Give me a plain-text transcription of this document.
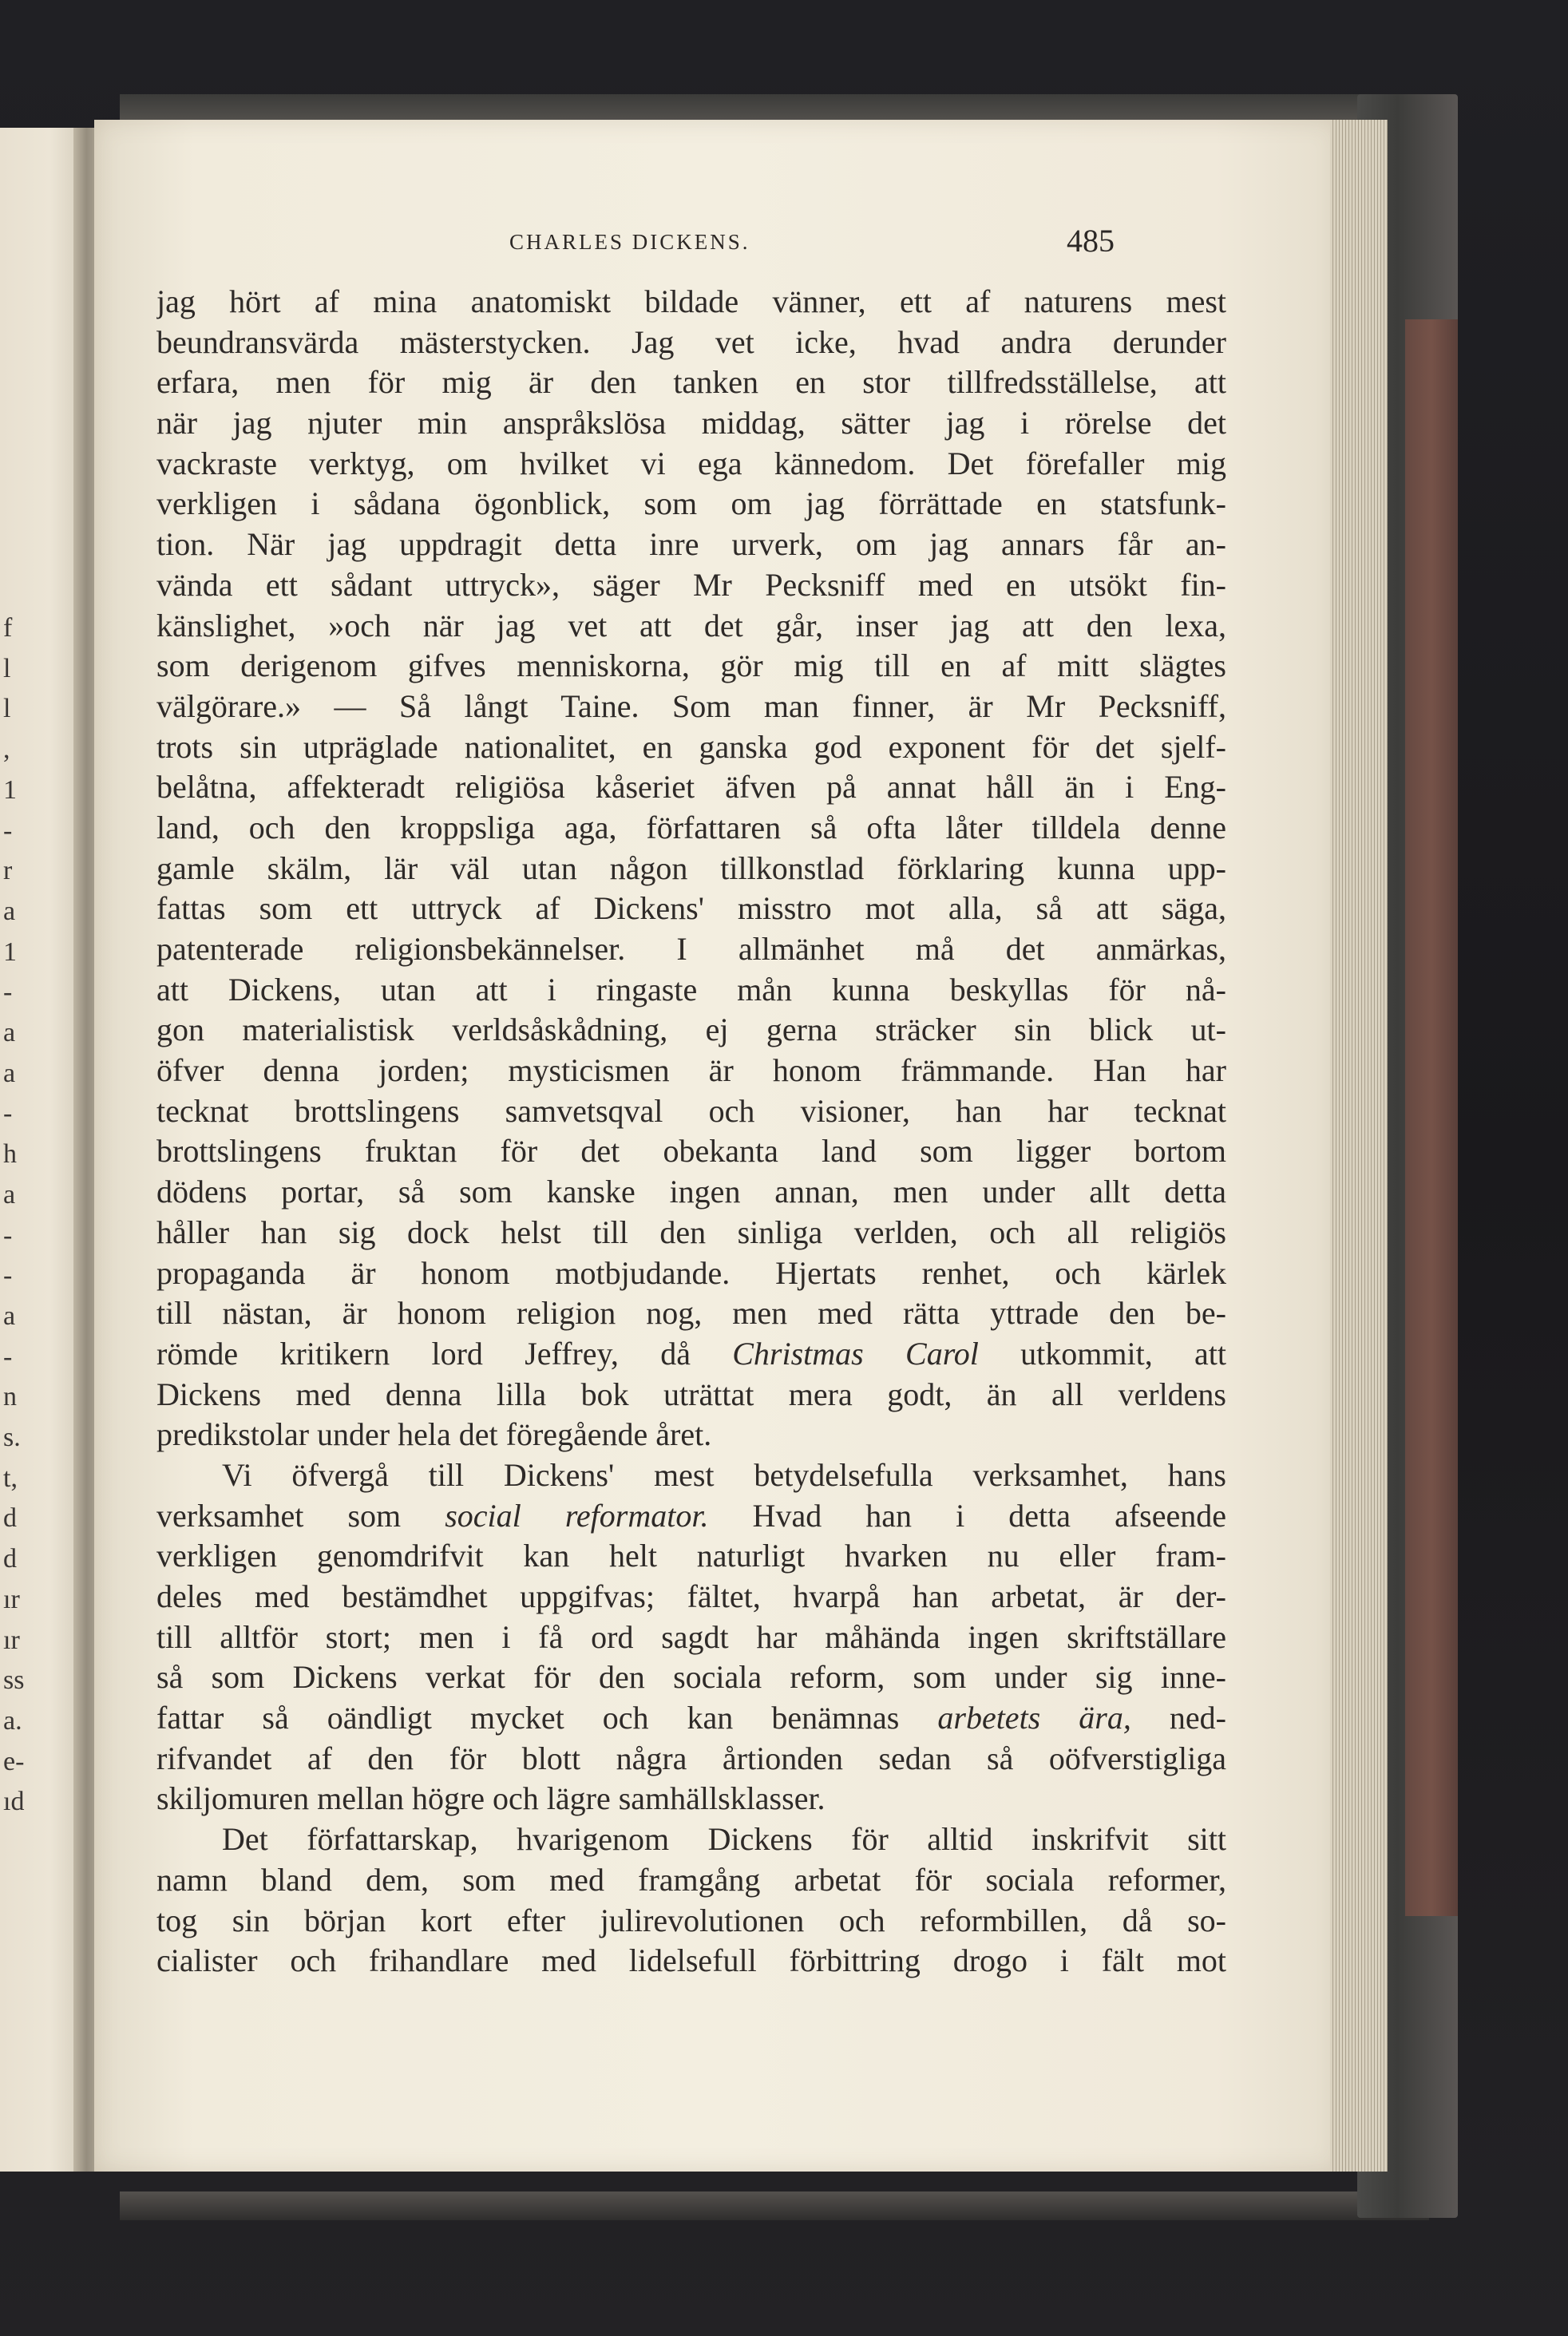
f
l
l
,
1
-
r
a
1
-
a
a
-
h
a
-
-
a
-
n
s.
t,
d
d
ır
ır
ss
a.
e-
ıd
CHARLES DICKENS.	485
jag hört af mina anatomiskt bildade vänner, ett af naturens mest
beundransvärda mästerstycken. Jag vet icke, hvad andra derunder
erfara, men för mig är den tanken en stor tillfredsställelse, att
när jag njuter min anspråkslösa middag, sätter jag i rörelse det
vackraste verktyg, om hvilket vi ega kännedom. Det förefaller mig
verkligen i sådana ögonblick, som om jag förrättade en statsfunk-
tion. När jag uppdragit detta inre urverk, om jag annars får an-
vända ett sådant uttryck», säger Mr Pecksniff med en utsökt fin-
känslighet, »och när jag vet att det går, inser jag att den lexa,
som derigenom gifves menniskorna, gör mig till en af mitt slägtes
välgörare.» — Så långt Taine. Som man finner, är Mr Pecksniff,
trots sin utpräglade nationalitet, en ganska god exponent för det sjelf-
belåtna, affekteradt religiösa kåseriet äfven på annat håll än i Eng-
land, och den kroppsliga aga, författaren så ofta låter tilldela denne
gamle skälm, lär väl utan någon tillkonstlad förklaring kunna upp-
fattas som ett uttryck af Dickens' misstro mot alla, så att säga,
patenterade religionsbekännelser. I allmänhet må det anmärkas,
att Dickens, utan att i ringaste mån kunna beskyllas för nå-
gon materialistisk verldsåskådning, ej gerna sträcker sin blick ut-
öfver denna jorden; mysticismen är honom främmande. Han har
tecknat brottslingens samvetsqval och visioner, han har tecknat
brottslingens fruktan för det obekanta land som ligger bortom
dödens portar, så som kanske ingen annan, men under allt detta
håller han sig dock helst till den sinliga verlden, och all religiös
propaganda är honom motbjudande. Hjertats renhet, och kärlek
till nästan, är honom religion nog, men med rätta yttrade den be-
römde kritikern lord Jeffrey, då Christmas Carol utkommit, att
Dickens med denna lilla bok uträttat mera godt, än all verldens
predikstolar under hela det föregående året.
Vi öfvergå till Dickens' mest betydelsefulla verksamhet, hans
verksamhet som social reformator. Hvad han i detta afseende
verkligen genomdrifvit kan helt naturligt hvarken nu eller fram-
deles med bestämdhet uppgifvas; fältet, hvarpå han arbetat, är der-
till alltför stort; men i få ord sagdt har måhända ingen skriftställare
så som Dickens verkat för den sociala reform, som under sig inne-
fattar så oändligt mycket och kan benämnas arbetets ära, ned-
rifvandet af den för blott några årtionden sedan så oöfverstigliga
skiljomuren mellan högre och lägre samhällsklasser.
Det författarskap, hvarigenom Dickens för alltid inskrifvit sitt
namn bland dem, som med framgång arbetat för sociala reformer,
tog sin början kort efter julirevolutionen och reformbillen, då so-
cialister och frihandlare med lidelsefull förbittring drogo i fält mot
